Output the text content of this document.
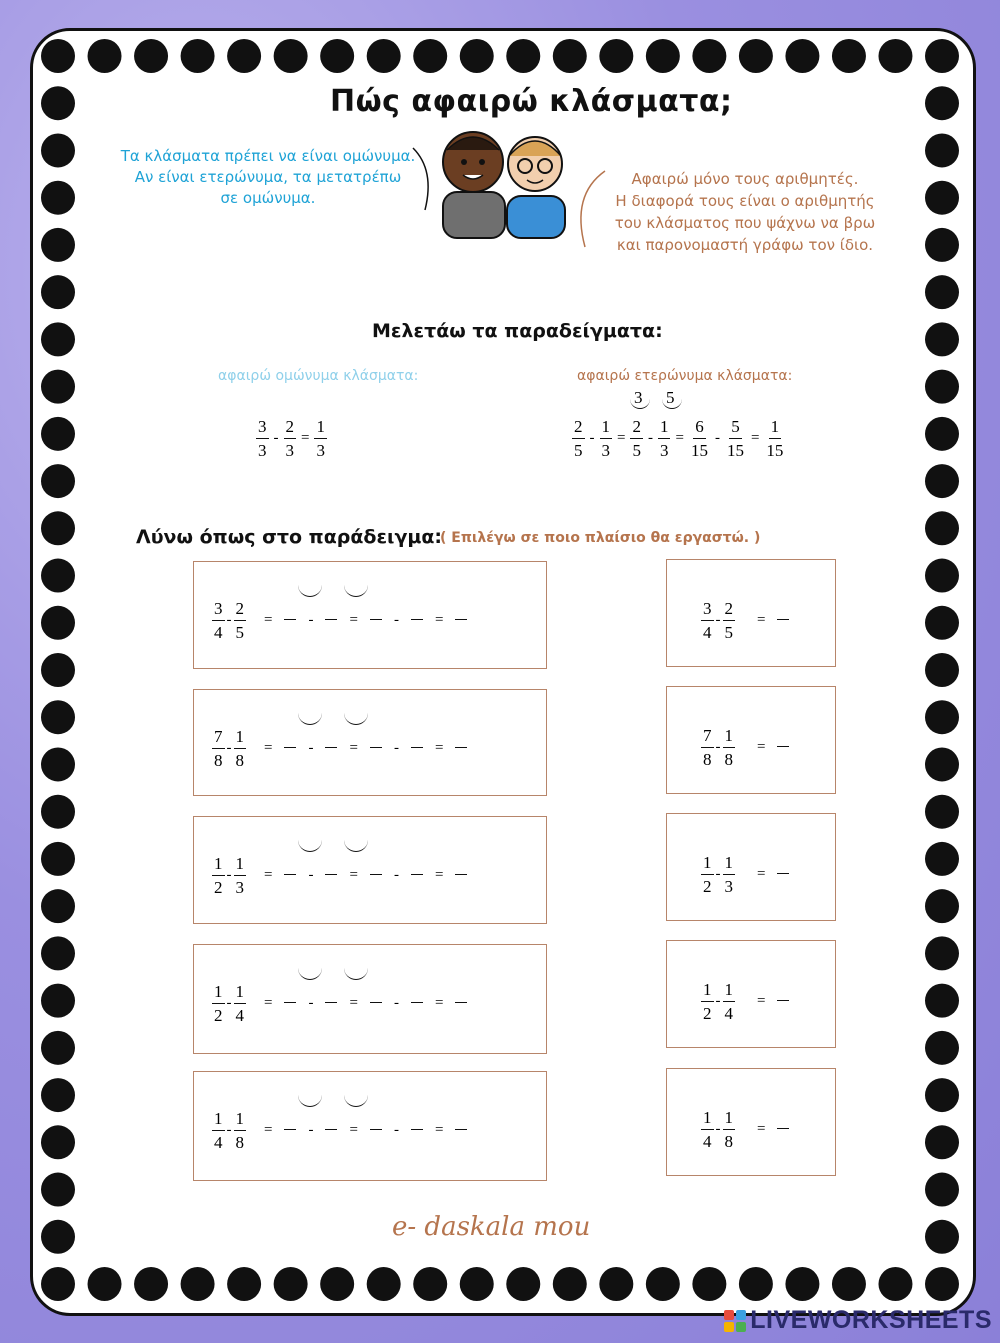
Πώς αφαιρώ κλάσματα;
Τα κλάσματα πρέπει να είναι ομώνυμα.
Αν είναι ετερώνυμα, τα μετατρέπω
σε ομώνυμα.
Αφαιρώ μόνο τους αριθμητές.
Η διαφορά τους είναι ο αριθμητής
του κλάσματος που ψάχνω να βρω
και παρονομαστή γράφω τον ίδιο.
Μελετάω τα παραδείγματα:
αφαιρώ ομώνυμα κλάσματα:	αφαιρώ ετερώνυμα κλάσματα:
$\frac{3}{3} - \frac{2}{3} = \frac{1}{3}$
3 5
$\frac{2}{5} - \frac{1}{3} = \frac{2}{5} - \frac{1}{3} = \frac{6}{15} - \frac{5}{15} = \frac{1}{15}$
Λύνω όπως στο παράδειγμα:
( Επιλέγω σε ποιο πλαίσιο θα εργαστώ. )
$\frac{3}{4} - \frac{2}{5}$ = - = - =	$\frac{3}{4} - \frac{2}{5}$ =
$\frac{7}{8} - \frac{1}{8}$ = - = - =	$\frac{7}{8} - \frac{1}{8}$ =
$\frac{1}{2} - \frac{1}{3}$ = - = - =	$\frac{1}{2} - \frac{1}{3}$ =
$\frac{1}{2} - \frac{1}{4}$ = - = - =	$\frac{1}{2} - \frac{1}{4}$ =
$\frac{1}{4} - \frac{1}{8}$ = - = - =	$\frac{1}{4} - \frac{1}{8}$ =
e- daskala mou
LIVEWORKSHEETS
